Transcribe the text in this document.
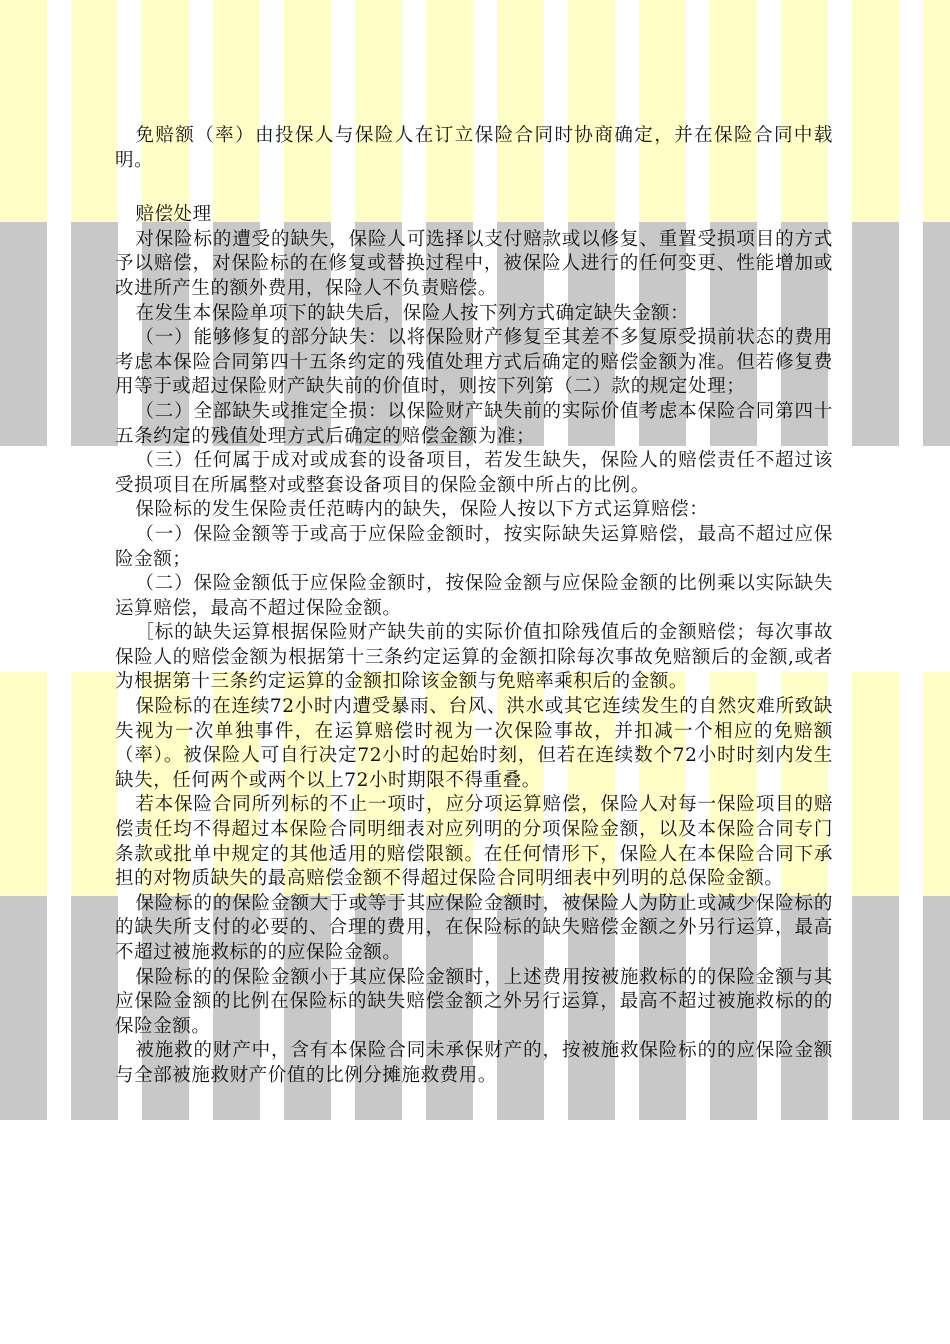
免赔额（率）由投保人与保险人在订立保险合同时协商确定，并在保险合同中载明。

赔偿处理

对保险标的遭受的缺失，保险人可选择以支付赔款或以修复、重置受损项目的方式予以赔偿，对保险标的在修复或替换过程中，被保险人进行的任何变更、性能增加或改进所产生的额外费用，保险人不负责赔偿。

在发生本保险单项下的缺失后，保险人按下列方式确定缺失金额：

（一）能够修复的部分缺失：以将保险财产修复至其差不多复原受损前状态的费用考虑本保险合同第四十五条约定的残值处理方式后确定的赔偿金额为准。但若修复费用等于或超过保险财产缺失前的价值时，则按下列第（二）款的规定处理；

（二）全部缺失或推定全损：以保险财产缺失前的实际价值考虑本保险合同第四十五条约定的残值处理方式后确定的赔偿金额为准；

（三）任何属于成对或成套的设备项目，若发生缺失，保险人的赔偿责任不超过该受损项目在所属整对或整套设备项目的保险金额中所占的比例。

保险标的发生保险责任范畴内的缺失，保险人按以下方式运算赔偿：

（一）保险金额等于或高于应保险金额时，按实际缺失运算赔偿，最高不超过应保险金额；

（二）保险金额低于应保险金额时，按保险金额与应保险金额的比例乘以实际缺失运算赔偿，最高不超过保险金额。

［标的缺失运算根据保险财产缺失前的实际价值扣除残值后的金额赔偿；每次事故保险人的赔偿金额为根据第十三条约定运算的金额扣除每次事故免赔额后的金额,或者为根据第十三条约定运算的金额扣除该金额与免赔率乘积后的金额。

保险标的在连续72小时内遭受暴雨、台风、洪水或其它连续发生的自然灾难所致缺失视为一次单独事件，在运算赔偿时视为一次保险事故，并扣减一个相应的免赔额（率）。被保险人可自行决定72小时的起始时刻，但若在连续数个72小时时刻内发生缺失，任何两个或两个以上72小时期限不得重叠。

若本保险合同所列标的不止一项时，应分项运算赔偿，保险人对每一保险项目的赔偿责任均不得超过本保险合同明细表对应列明的分项保险金额，以及本保险合同专门条款或批单中规定的其他适用的赔偿限额。在任何情形下，保险人在本保险合同下承担的对物质缺失的最高赔偿金额不得超过保险合同明细表中列明的总保险金额。

保险标的的保险金额大于或等于其应保险金额时，被保险人为防止或减少保险标的的缺失所支付的必要的、合理的费用，在保险标的缺失赔偿金额之外另行运算，最高不超过被施救标的的应保险金额。

保险标的的保险金额小于其应保险金额时，上述费用按被施救标的的保险金额与其应保险金额的比例在保险标的缺失赔偿金额之外另行运算，最高不超过被施救标的的保险金额。

被施救的财产中，含有本保险合同未承保财产的，按被施救保险标的的应保险金额与全部被施救财产价值的比例分摊施救费用。
